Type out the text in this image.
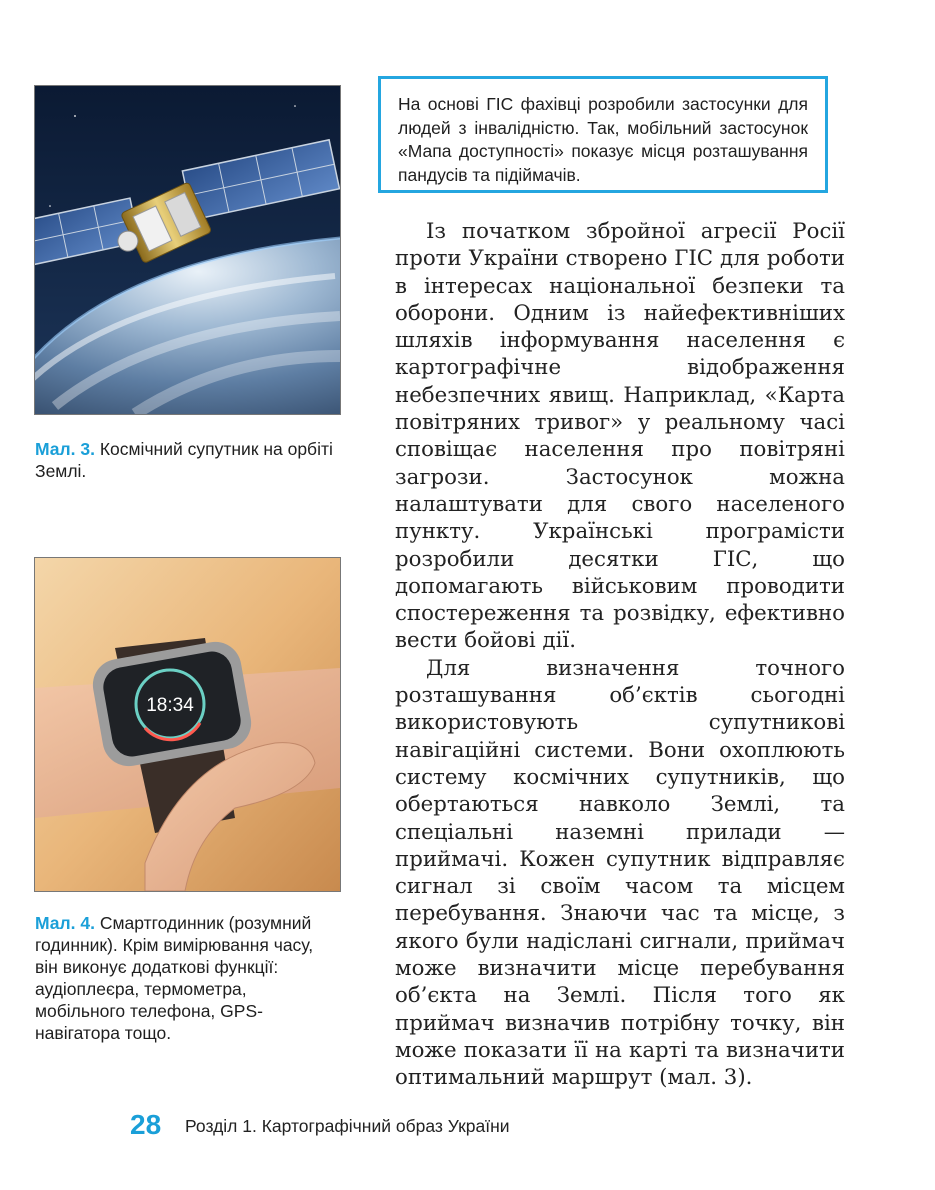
Мал. 3. Космічний супутник на орбіті Землі.
18:34
Мал. 4. Смартгодинник (розумний годинник). Крім вимірювання часу, він виконує додаткові функції: аудіоплеєра, термометра, мобільного телефона, GPS-навігатора тощо.
На основі ГІС фахівці розробили застосунки для людей з інвалідністю. Так, мобільний застосунок «Мапа доступності» показує місця розташування пандусів та підіймачів.

Із початком збройної агресії Росії проти України створено ГІС для роботи в інтересах національної безпеки та оборони. Одним із найефективніших шляхів інформування населення є картографічне відображення небезпечних явищ. Наприклад, «Карта повітряних тривог» у реальному часі сповіщає населення про повітряні загрози. Застосунок можна налаштувати для свого населеного пункту. Українські програмісти розробили десятки ГІС, що допомагають військовим проводити спостереження та розвідку, ефективно вести бойові дії.

Для визначення точного розташування об’єктів сьогодні використовують супутникові навігаційні системи. Вони охоплюють систему космічних супутників, що обертаються навколо Землі, та спеціальні наземні прилади — приймачі. Кожен супутник відправляє сигнал зі своїм часом та місцем перебування. Знаючи час та місце, з якого були надіслані сигнали, приймач може визначити місце перебування об’єкта на Землі. Після того як приймач визначив потрібну точку, він може показати її на карті та визначити оптимальний маршрут (мал. 3).

28 Розділ 1. Картографічний образ України
